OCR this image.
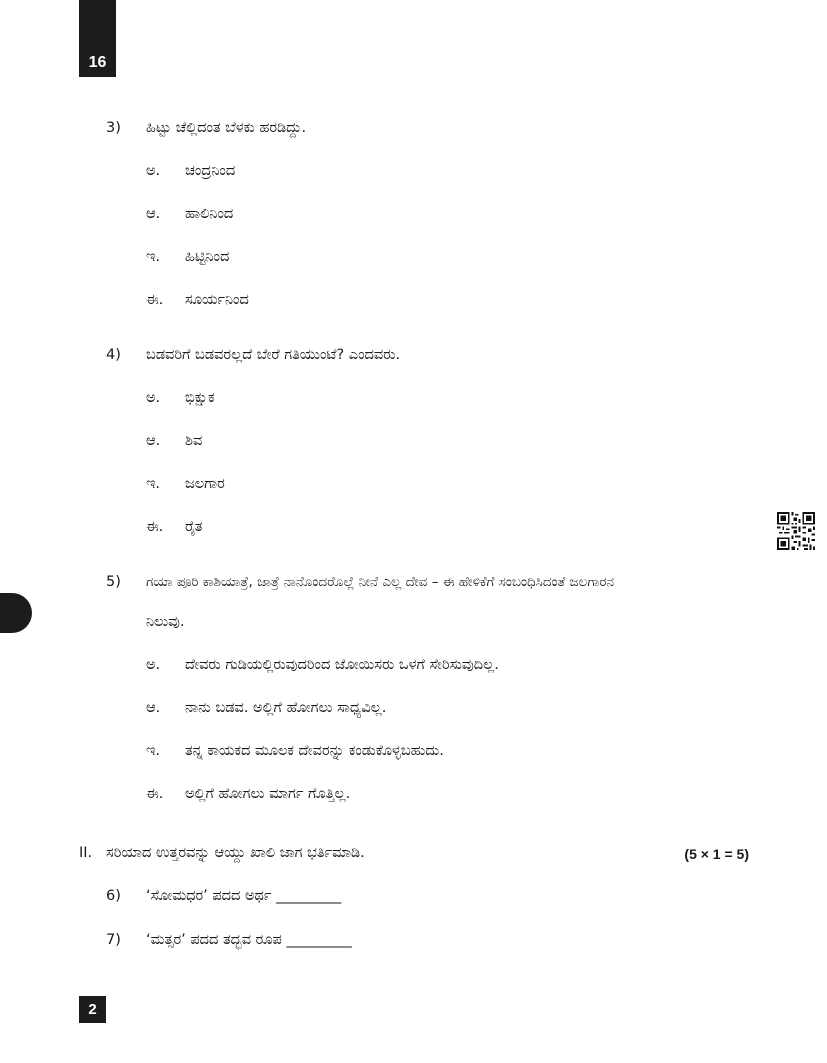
16
3) ಹಿಟ್ಟು ಚೆಲ್ಲಿದಂತ ಬೆಳಕು ಹರಡಿದ್ದು.
ಅ. ಚಂದ್ರನಿಂದ
ಆ. ಹಾಲಿನಿಂದ
ಇ. ಹಿಟ್ಟಿನಿಂದ
ಈ. ಸೂರ್ಯನಿಂದ
4) ಬಡವರಿಗೆ ಬಡವರಲ್ಲದೆ ಬೇರೆ ಗತಿಯುಂಟೆ? ಎಂದವರು.
ಅ. ಭಿಕ್ಷುಕ
ಆ. ಶಿವ
ಇ. ಜಲಗಾರ
ಈ. ರೈತ
5) ಗಯಾ ಪೂರಿ ಕಾಶಿಯಾತ್ರೆ, ಜಾತ್ರೆ ನಾನೊಂದರೊಲ್ಲೆ ನೀನೆ ಎಲ್ಲ ದೇವ – ಈ ಹೇಳಿಕೆಗೆ ಸಂಬಂಧಿಸಿದಂತೆ ಜಲಗಾರನ
ನಿಲುವು.
ಅ. ದೇವರು ಗುಡಿಯಲ್ಲಿರುವುದರಿಂದ ಜೋಯಿಸರು ಒಳಗೆ ಸೇರಿಸುವುದಿಲ್ಲ.
ಆ. ನಾನು ಬಡವ. ಅಲ್ಲಿಗೆ ಹೋಗಲು ಸಾಧ್ಯವಿಲ್ಲ.
ಇ. ತನ್ನ ಕಾಯಕದ ಮೂಲಕ ದೇವರನ್ನು ಕಂಡುಕೊಳ್ಳಬಹುದು.
ಈ. ಅಲ್ಲಿಗೆ ಹೋಗಲು ಮಾರ್ಗ ಗೊತ್ತಿಲ್ಲ.
II. ಸರಿಯಾದ ಉತ್ತರವನ್ನು ಆಯ್ದು ಖಾಲಿ ಜಾಗ ಭರ್ತಿಮಾಡಿ.	(5 × 1 = 5)
6) ‘ಸೋಮಧರ’ ಪದದ ಅರ್ಥ _________
7) ‘ಮತ್ಸರ’ ಪದದ ತದ್ಭವ ರೂಪ _________
2
